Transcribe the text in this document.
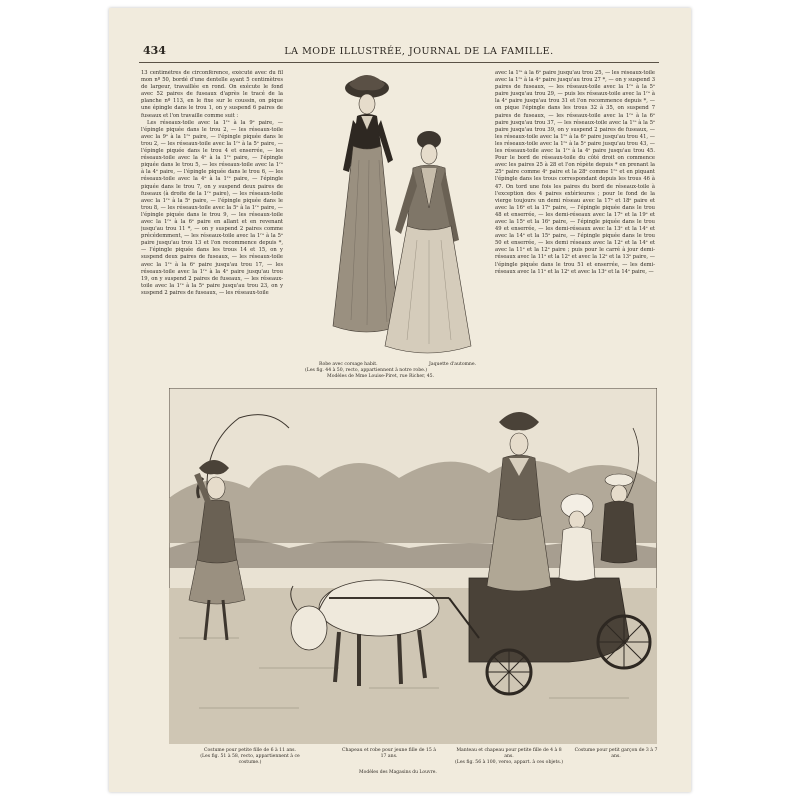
434	LA MODE ILLUSTRÉE, JOURNAL DE LA FAMILLE.

13 centimètres de circonférence, exécuté avec du fil mon nº 50, bordé d'une dentelle ayant 5 centimètres de largeur, travaillée en rond. On exécute le fond avec 52 paires de fuseaux d'après le tracé de la planche nº 113, en le fixe sur le coussin, on pique une épingle dans le trou 1, on y suspend 6 paires de fuseaux et l'on travaille comme suit :

Les réseaux-toile avec la 1ʳᵉ à la 9ᵉ paire, — l'épingle piquée dans le trou 2, — les réseaux-toile avec la 9ᵉ à la 1ʳᵉ paire, — l'épingle piquée dans le trou 2, — les réseaux-toile avec la 1ʳᵉ à la 5ᵉ paire, — l'épingle piquée dans le trou 4 et enserrée, — les réseaux-toile avec la 4ᵉ à la 1ʳᵉ paire, — l'épingle piquée dans le trou 5, — les réseaux-toile avec la 1ʳᵉ à la 4ᵉ paire, — l'épingle piquée dans le trou 6, — les réseaux-toile avec la 4ᵉ à la 1ʳᵉ paire, — l'épingle piquée dans le trou 7, on y suspend deux paires de fuseaux (à droite de la 1ʳᵉ paire), — les réseaux-toile avec la 1ʳᵉ à la 5ᵉ paire, — l'épingle piquée dans le trou 8, — les réseaux-toile avec la 5ᵉ à la 1ʳᵉ paire, — l'épingle piquée dans le trou 9, — les réseaux-toile avec la 1ʳᵉ à la 6ᵉ paire en allant et en revenant jusqu'au trou 11 *, — on y suspend 2 paires comme précédemment, — les réseaux-toile avec la 1ʳᵉ à la 5ᵉ paire jusqu'au trou 13 et l'on recommence depuis *, — l'épingle piquée dans les trous 14 et 15, on y suspend deux paires de fuseaux, — les réseaux-toile avec la 1ʳᵉ à la 6ᵉ paire jusqu'au trou 17, — les réseaux-toile avec la 1ʳᵉ à la 4ᵉ paire jusqu'au trou 19, on y suspend 2 paires de fuseaux, — les réseaux-toile avec la 1ʳᵉ à la 5ᵉ paire jusqu'au trou 23, on y suspend 2 paires de fuseaux, — les réseaux-toile

Robe avec corsage habit.	Jaquette d'automne.
(Les fig. 44 à 50, recto, appartiennent à notre robe.)
Modèles de Mme Louise-Piret, rue Richer, 45.

avec la 1ʳᵉ à la 6ᵉ paire jusqu'au trou 25, — les réseaux-toile avec la 1ʳᵉ à la 4ᵉ paire jusqu'au trou 27 *, — on y suspend 3 paires de fuseaux, — les réseaux-toile avec la 1ʳᵉ à la 5ᵉ paire jusqu'au trou 29, — puis les réseaux-toile avec la 1ʳᵉ à la 4ᵉ paire jusqu'au trou 31 et l'on recommence depuis *, — on pique l'épingle dans les trous 32 à 35, on suspend 7 paires de fuseaux, — les réseaux-toile avec la 1ʳᵉ à la 6ᵉ paire jusqu'au trou 37, — les réseaux-toile avec la 1ʳᵉ à la 5ᵉ paire jusqu'au trou 39, on y suspend 2 paires de fuseaux, — les réseaux-toile avec la 1ʳᵉ à la 6ᵉ paire jusqu'au trou 41, — les réseaux-toile avec la 1ʳᵉ à la 5ᵉ paire jusqu'au trou 43, — les réseaux-toile avec la 1ʳᵉ à la 4ᵉ paire jusqu'au trou 45. Pour le bord de réseaux-toile du côté droit on commence avec les paires 25 à 28 et l'on répète depuis * en prenant la 25ᵉ paire comme 4ᵉ paire et la 28ᵉ comme 1ʳᵉ et en piquant l'épingle dans les trous correspondant depuis les trous 46 à 47. On tord une fois les paires du bord de réseaux-toile à l'exception des 4 paires extérieures ; pour le fond de la vierge toujours un demi réseau avec la 17ᵉ et 18ᵉ paire et avec la 16ᵉ et la 17ᵉ paire, — l'épingle piquée dans le trou 48 et enserrée, — les demi-réseaux avec la 17ᵉ et la 19ᵉ et avec la 15ᵉ et la 16ᵉ paire, — l'épingle piquée dans le trou 49 et enserrée, — les demi-réseaux avec la 13ᵉ et la 14ᵉ et avec la 14ᵉ et la 15ᵉ paire, — l'épingle piquée dans le trou 50 et enserrée, — les demi réseaux avec la 12ᵉ et la 14ᵉ et avec la 11ᵉ et la 12ᵉ paire ; puis pour le carré à jour demi-réseaux avec la 11ᵉ et la 12ᵉ et avec la 12ᵉ et la 13ᵉ paire, — l'épingle piquée dans le trou 51 et enserrée, — les demi-réseaux avec la 11ᵉ et la 12ᵉ et avec la 13ᵉ et la 14ᵉ paire, —

Costume pour petite fille de 6 à 11 ans.
(Les fig. 51 à 58, recto, appartiennent à ce costume.)
Chapeau et robe pour jeune fille de 15 à 17 ans.
Manteau et chapeau pour petite fille de 4 à 8 ans.
(Les fig. 56 à 100, verso, appart. à ces objets.)
Costume pour petit garçon de 3 à 7 ans.
Modèles des Magasins du Louvre.
